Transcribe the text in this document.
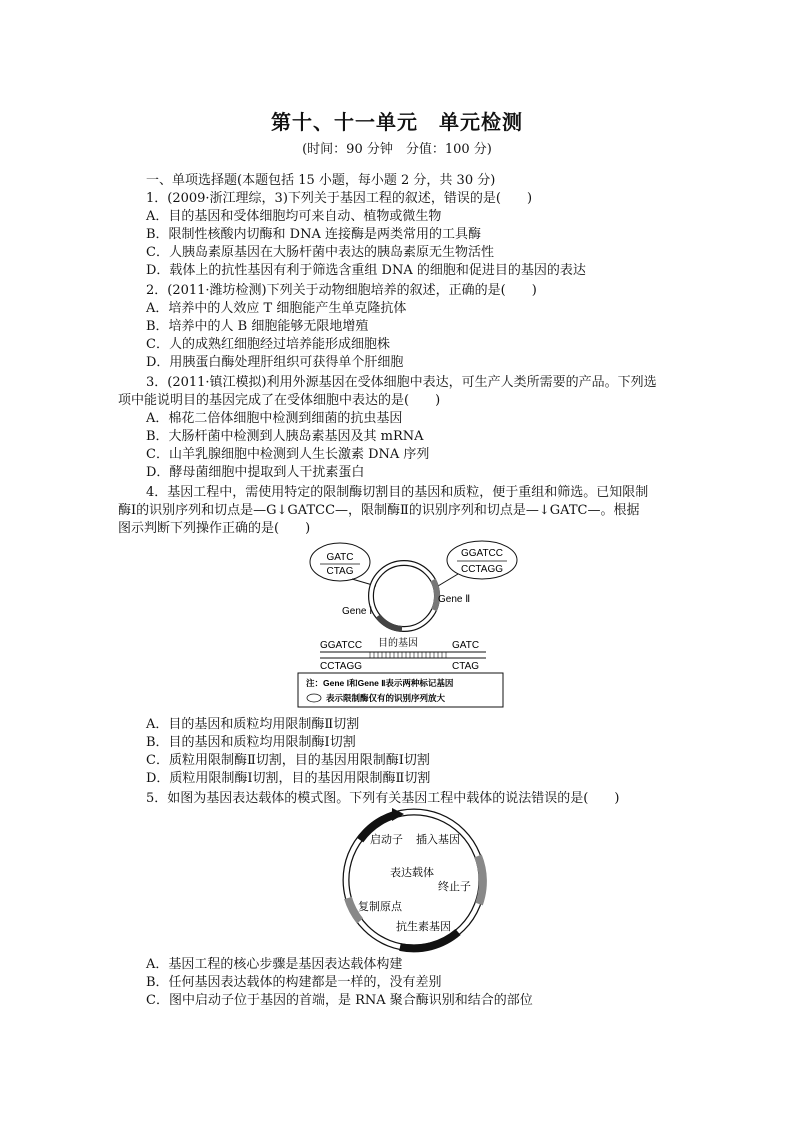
第十、十一单元　单元检测
(时间：90 分钟　分值：100 分)
一、单项选择题(本题包括 15 小题，每小题 2 分，共 30 分)
1．(2009·浙江理综，3)下列关于基因工程的叙述，错误的是(　　)
A．目的基因和受体细胞均可来自动、植物或微生物
B．限制性核酸内切酶和 DNA 连接酶是两类常用的工具酶
C．人胰岛素原基因在大肠杆菌中表达的胰岛素原无生物活性
D．载体上的抗性基因有利于筛选含重组 DNA 的细胞和促进目的基因的表达
2．(2011·潍坊检测)下列关于动物细胞培养的叙述，正确的是(　　)
A．培养中的人效应 T 细胞能产生单克隆抗体
B．培养中的人 B 细胞能够无限地增殖
C．人的成熟红细胞经过培养能形成细胞株
D．用胰蛋白酶处理肝组织可获得单个肝细胞
3．(2011·镇江模拟)利用外源基因在受体细胞中表达，可生产人类所需要的产品。下列选
项中能说明目的基因完成了在受体细胞中表达的是(　　)
A．棉花二倍体细胞中检测到细菌的抗虫基因
B．大肠杆菌中检测到人胰岛素基因及其 mRNA
C．山羊乳腺细胞中检测到人生长激素 DNA 序列
D．酵母菌细胞中提取到人干扰素蛋白
4．基因工程中，需使用特定的限制酶切割目的基因和质粒，便于重组和筛选。已知限制
酶Ⅰ的识别序列和切点是—G↓GATCC—，限制酶Ⅱ的识别序列和切点是—↓GATC—。根据
图示判断下列操作正确的是(　　)
GATC
CTAG
GGATCC
CCTAGG
Gene Ⅰ
Gene Ⅱ
GGATCC 目的基因	GATC
CCTAGG	CTAG
注：Gene Ⅰ和Gene Ⅱ表示两种标记基因
表示限制酶仅有的识别序列放大
A．目的基因和质粒均用限制酶Ⅱ切割
B．目的基因和质粒均用限制酶Ⅰ切割
C．质粒用限制酶Ⅱ切割，目的基因用限制酶Ⅰ切割
D．质粒用限制酶Ⅰ切割，目的基因用限制酶Ⅱ切割
5．如图为基因表达载体的模式图。下列有关基因工程中载体的说法错误的是(　　)
启动子 插入基因
表达载体
终止子
复制原点
抗生素基因
A．基因工程的核心步骤是基因表达载体构建
B．任何基因表达载体的构建都是一样的，没有差别
C．图中启动子位于基因的首端，是 RNA 聚合酶识别和结合的部位
